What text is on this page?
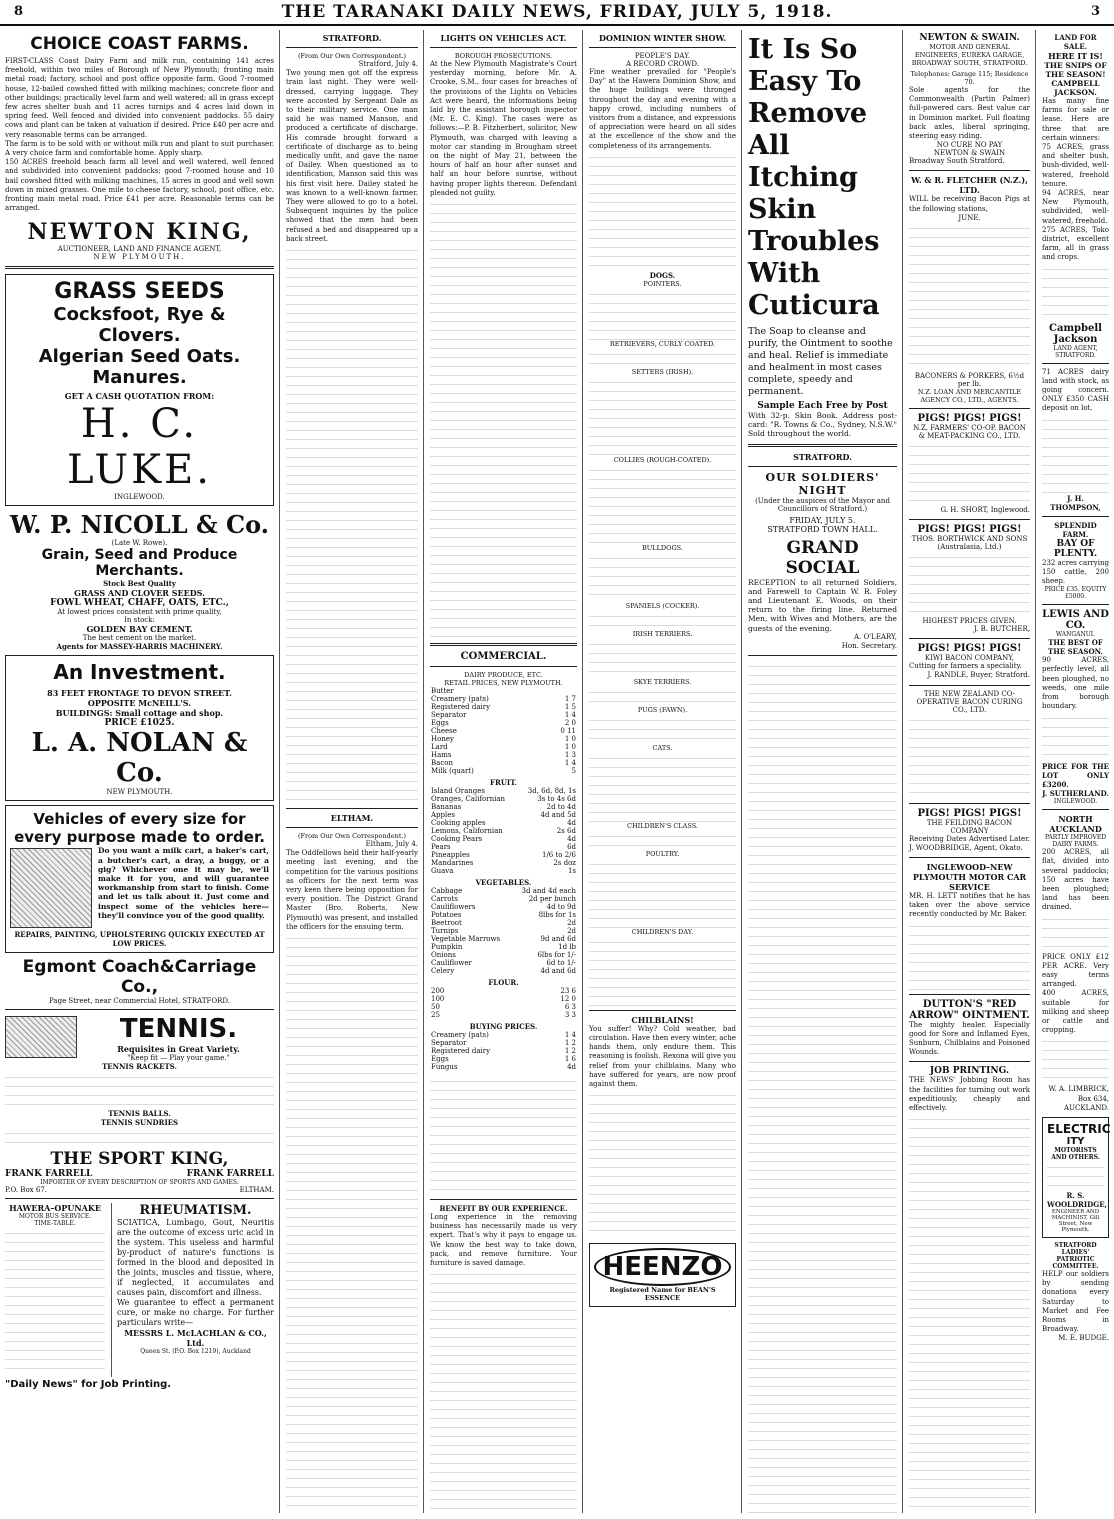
8	THE TARANAKI DAILY NEWS, FRIDAY, JULY 5, 1918.	3
CHOICE COAST FARMS.
FIRST-CLASS Coast Dairy Farm and milk run, containing 141 acres freehold, within two miles of Borough of New Plymouth; fronting main metal road; factory, school and post office opposite farm. Good 7-roomed house, 12-bailed cowshed fitted with milking machines; concrete floor and other buildings; practically level farm and well watered; all in grass except few acres shelter bush and 11 acres turnips and 4 acres laid down in spring feed. Well fenced and divided into convenient paddocks. 55 dairy cows and plant can be taken at valuation if desired. Price £40 per acre and very reasonable terms can be arranged.
The farm is to be sold with or without milk run and plant to suit purchaser. A very choice farm and comfortable home. Apply sharp.
150 ACRES freehold beach farm all level and well watered, well fenced and subdivided into convenient paddocks; good 7-roomed house and 10 bail cowshed fitted with milking machines, 15 acres in good and well sown down in mixed grasses. One mile to cheese factory, school, post office, etc. fronting main metal road. Price £41 per acre. Reasonable terms can be arranged.
NEWTON KING,
AUCTIONEER, LAND AND FINANCE AGENT,
NEW PLYMOUTH.
GRASS SEEDS
Cocksfoot, Rye & Clovers.
Algerian Seed Oats.
Manures.
GET A CASH QUOTATION FROM:
H. C. LUKE.
INGLEWOOD.
W. P. NICOLL & Co.
(Late W. Rowe).
Grain, Seed and Produce Merchants.
Stock Best Quality
GRASS AND CLOVER SEEDS.
FOWL WHEAT, CHAFF, OATS, ETC.,
At lowest prices consistent with prime quality,
In stock:
GOLDEN BAY CEMENT.
The best cement on the market.
Agents for MASSEY-HARRIS MACHINERY.
An Investment.
83 FEET FRONTAGE TO DEVON STREET.
OPPOSITE McNEILL'S.
BUILDINGS: Small cottage and shop.
PRICE £1025.
L. A. NOLAN & Co.
NEW PLYMOUTH.
Vehicles of every size for every purpose made to order.
Do you want a milk cart, a baker's cart, a butcher's cart, a dray, a buggy, or a gig? Whichever one it may be, we'll make it for you, and will guarantee workmanship from start to finish. Come and let us talk about it. Just come and inspect some of the vehicles here—they'll convince you of the good quality.
REPAIRS, PAINTING, UPHOLSTERING QUICKLY EXECUTED AT LOW PRICES.
Egmont Coach&Carriage Co.,
Page Street, near Commercial Hotel, STRATFORD.
TENNIS.
Requisites in Great Variety.
"Keep fit — Play your game."
TENNIS RACKETS.
TENNIS BALLS.
TENNIS SUNDRIES
THE SPORT KING,
FRANK FARRELL	FRANK FARRELL
IMPORTER OF EVERY DESCRIPTION OF SPORTS AND GAMES.
P.O. Box 67.	ELTHAM.
HAWERA–OPUNAKE
MOTOR BUS SERVICE.
TIME-TABLE.
RHEUMATISM.
SCIATICA, Lumbago, Gout, Neuritis are the outcome of excess uric acid in the system. This useless and harmful by-product of nature's functions is formed in the blood and deposited in the joints, muscles and tissue, where, if neglected, it accumulates and causes pain, discomfort and illness.
We guarantee to effect a permanent cure, or make no charge. For further particulars write—
MESSRS L. McLACHLAN & CO., Ltd.
Queen St. (P.O. Box 1219), Auckland
"Daily News" for Job Printing.
STRATFORD.
(From Our Own Correspondent.)
Stratford, July 4.
Two young men got off the express train last night. They were well-dressed, carrying luggage. They were accosted by Sergeant Dale as to their military service. One man said he was named Manson, and produced a certificate of discharge. His comrade brought forward a certificate of discharge as to being medically unfit, and gave the name of Dailey. When questioned as to identification, Manson said this was his first visit here. Dailey stated he was known to a well-known farmer. They were allowed to go to a hotel. Subsequent inquiries by the police showed that the men had been refused a bed and disappeared up a back street.
ELTHAM.
(From Our Own Correspondent.)
Eltham, July 4.
The Oddfellows held their half-yearly meeting last evening, and the competition for the various positions as officers for the next term was very keen there being opposition for every position. The District Grand Master (Bro. Roberts, New Plymouth) was present, and installed the officers for the ensuing term.
LIGHTS ON VEHICLES ACT.
BOROUGH PROSECUTIONS.
At the New Plymouth Magistrate's Court yesterday morning, before Mr. A. Crooke, S.M., four cases for breaches of the provisions of the Lights on Vehicles Act were heard, the informations being laid by the assistant borough inspector (Mr. E. C. King). The cases were as follows:—P. B. Fitzherbert, solicitor, New Plymouth, was charged with leaving a motor car standing in Brougham street on the night of May 21, between the hours of half an hour after sunset and half an hour before sunrise, without having proper lights thereon. Defendant pleaded not guilty.
COMMERCIAL.
DAIRY PRODUCE, ETC.
RETAIL PRICES, NEW PLYMOUTH.
Butter	
Creamery (pats)	1 7
Registered dairy	1 5
Separator	1 4
Eggs	2 0
Cheese	0 11
Honey	1 0
Lard	1 0
Hams	1 3
Bacon	1 4
Milk (quart)	5
FRUIT.
Island Oranges	3d, 6d, 8d, 1s
Oranges, Californian	3s to 4s 6d
Bananas	2d to 4d
Apples	4d and 5d
Cooking apples	4d
Lemons, Californian	2s 6d
Cooking Pears	4d
Pears	6d
Pineapples	1/6 to 2/6
Mandarines	2s doz
Guava	1s
VEGETABLES.
Cabbage	3d and 4d each
Carrots	2d per bunch
Cauliflowers	4d to 9d
Potatoes	8lbs for 1s
Beetroot	2d
Turnips	2d
Vegetable Marrows	9d and 6d
Pumpkin	1d lb
Onions	6lbs for 1/-
Cauliflower	6d to 1/-
Celery	4d and 6d
FLOUR.
200	23 6
100	12 0
50	6 3
25	3 3
BUYING PRICES.
Creamery (pats)	1 4
Separator	1 2
Registered dairy	1 2
Eggs	1 6
Fungus	4d
BENEFIT BY OUR EXPERIENCE.
Long experience in the removing business has necessarily made us very expert. That's why it pays to engage us. We know the best way to take down, pack, and remove furniture. Your furniture is saved damage.
DOMINION WINTER SHOW.
PEOPLE'S DAY.
A RECORD CROWD.
Fine weather prevailed for "People's Day" at the Hawera Dominion Show, and the huge buildings were thronged throughout the day and evening with a happy crowd, including numbers of visitors from a distance, and expressions of appreciation were heard on all sides at the excellence of the show and the completeness of its arrangements.
DOGS.
POINTERS.
RETRIEVERS, CURLY COATED.
SETTERS (IRISH).
COLLIES (ROUGH-COATED).
BULLDOGS.
SPANIELS (COCKER).
IRISH TERRIERS.
SKYE TERRIERS.
PUGS (FAWN).
CATS.
CHILDREN'S CLASS.
POULTRY.
CHILDREN'S DAY.
CHILBLAINS!
You suffer! Why? Cold weather, bad circulation. Have then every winter, ache hands them, only endure them. This reasoning is foolish. Rexona will give you relief from your chilblains. Many who have suffered for years, are now proof against them.
HEENZO
Registered Name for BEAN'S ESSENCE
It Is So Easy To Remove All Itching Skin Troubles With Cuticura
The Soap to cleanse and purify, the Ointment to soothe and heal. Relief is immediate and healment in most cases complete, speedy and permanent.
Sample Each Free by Post
With 32-p. Skin Book. Address post-card: "R. Towns & Co., Sydney, N.S.W." Sold throughout the world.
STRATFORD.
OUR SOLDIERS' NIGHT
(Under the auspices of the Mayor and Councillors of Stratford.)
FRIDAY, JULY 5.
STRATFORD TOWN HALL.
GRAND SOCIAL
RECEPTION to all returned Soldiers, and Farewell to Captain W. R. Foley and Lieutenant E. Woods, on their return to the firing line. Returned Men, with Wives and Mothers, are the guests of the evening.
A. O'LEARY,
Hon. Secretary.
NEWTON & SWAIN.
MOTOR AND GENERAL ENGINEERS, EUREKA GARAGE, BROADWAY SOUTH, STRATFORD.
Telephones: Garage 115; Residence 70.
Sole agents for the Commonwealth (Partin Palmer) full-powered cars. Best value car in Dominion market. Full floating back axles, liberal springing, steering easy riding.
NO CURE NO PAY
NEWTON & SWAIN
Broadway South Stratford.
W. & R. FLETCHER (N.Z.), LTD.
WILL be receiving Bacon Pigs at the following stations,
JUNE.
BACONERS & PORKERS, 6½d per lb.
N.Z. LOAN AND MERCANTILE AGENCY CO., LTD., AGENTS.
PIGS! PIGS! PIGS!
N.Z. FARMERS' CO-OP. BACON & MEAT-PACKING CO., LTD.
G. H. SHORT, Inglewood.
PIGS! PIGS! PIGS!
THOS. BORTHWICK AND SONS (Australasia, Ltd.)
HIGHEST PRICES GIVEN.
J. B. BUTCHER,
PIGS! PIGS! PIGS!
KIWI BACON COMPANY,
Cutting for farmers a speciality.
J. RANDLE, Buyer, Stratford.
THE NEW ZEALAND CO-OPERATIVE BACON CURING CO., LTD.
PIGS! PIGS! PIGS!
THE FEILDING BACON COMPANY
Receiving Dates Advertised Later. J. WOODBRIDGE, Agent, Okato.
INGLEWOOD–NEW PLYMOUTH MOTOR CAR SERVICE
MR. H. LETT notifies that he has taken over the above service recently conducted by Mr. Baker.
DUTTON'S "RED ARROW" OINTMENT.
The mighty healer. Especially good for Sore and Inflamed Eyes, Sunburn, Chilblains and Poisoned Wounds.
JOB PRINTING.
THE NEWS' Jobbing Room has the facilities for turning out work expeditiously, cheaply and effectively.
LAND FOR SALE.
HERE IT IS!
THE SNIPS OF THE SEASON!
CAMPBELL JACKSON.
Has many fine farms for sale or lease. Here are three that are certain winners:
75 ACRES, grass and shelter bush, bush-divided, well-watered, freehold tenure.
94 ACRES, near New Plymouth, subdivided, well-watered, freehold.
275 ACRES, Toko district, excellent farm, all in grass and crops.
Campbell Jackson
LAND AGENT, STRATFORD.
71 ACRES dairy land with stock, as going concern. ONLY £350 CASH deposit on lot.
J. H. THOMPSON,
SPLENDID FARM.
BAY OF PLENTY.
232 acres carrying 150 cattle, 200 sheep.
PRICE £35. EQUITY £5000.
LEWIS AND CO.
WANGANUI.
THE BEST OF THE SEASON.
90 ACRES, perfectly level, all been ploughed, no weeds, one mile from borough boundary.
PRICE FOR THE LOT ONLY £3200.
J. SUTHERLAND.
INGLEWOOD.
NORTH AUCKLAND
PARTLY IMPROVED DAIRY FARMS.
200 ACRES, all flat, divided into several paddocks; 150 acres have been ploughed; land has been drained.
PRICE ONLY £12 PER ACRE. Very easy terms arranged.
400 ACRES, suitable for milking and sheep or cattle and cropping.
W. A. LIMBRICK, Box 634, AUCKLAND.
ELECTRIC
ITY
MOTORISTS AND OTHERS.
R. S. WOOLDRIDGE,
ENGINEER AND MACHINIST, Gill Street, New Plymouth.
STRATFORD LADIES' PATRIOTIC COMMITTEE.
HELP our soldiers by sending donations every Saturday to Market and Fee Rooms in Broadway.
M. E. BUDGE.
